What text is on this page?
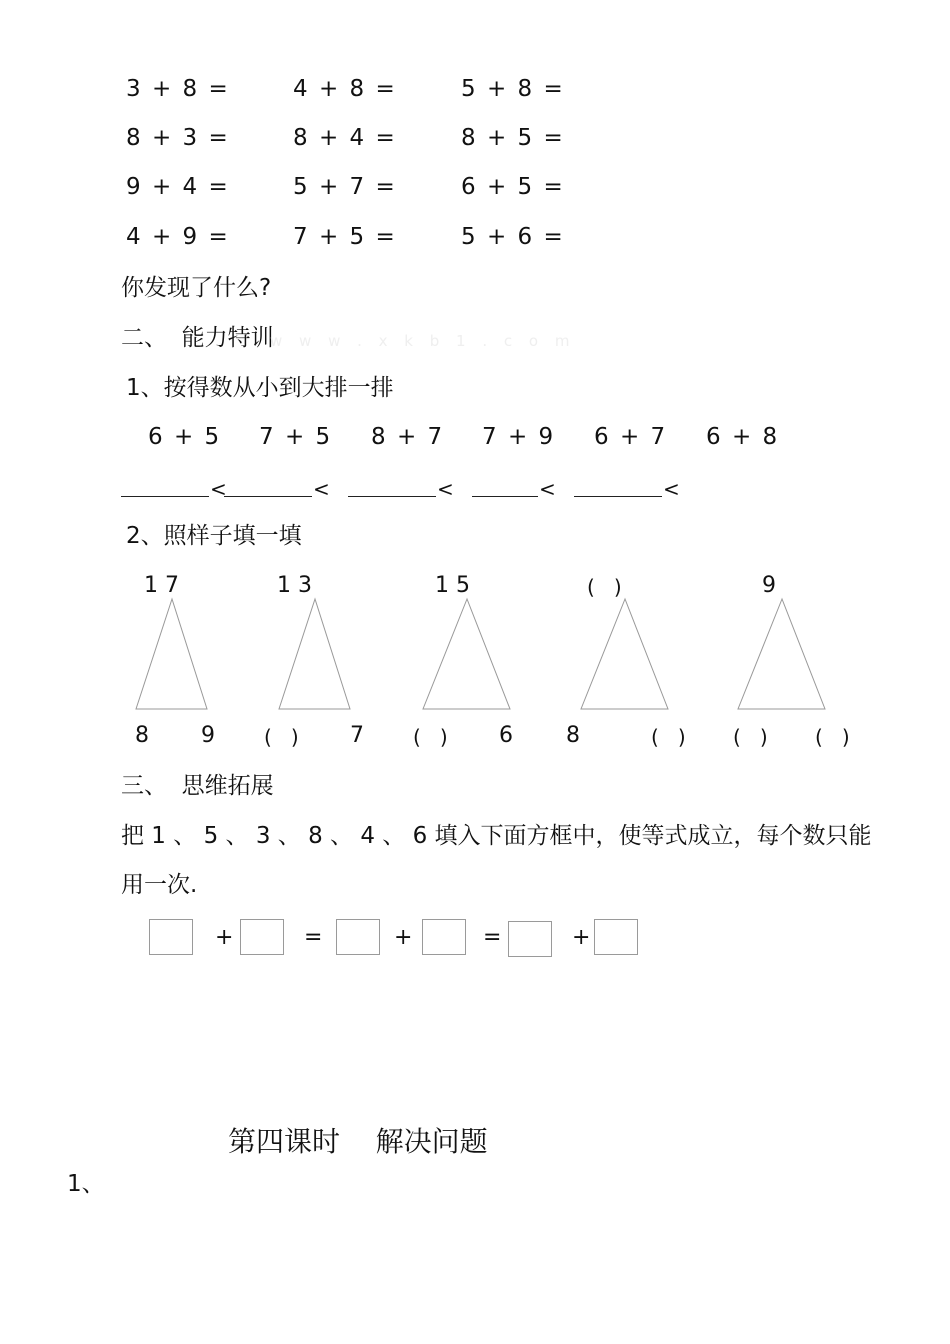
3 + 8 =	4 + 8 =	5 + 8 =
8 + 3 =	8 + 4 =	8 + 5 =
9 + 4 =	5 + 7 =	6 + 5 =
4 + 9 =	7 + 5 =	5 + 6 =
你发现了什么?
二、  能力特训
w w w . x k b 1 . c o m
1、按得数从小到大排一排
6 + 5 7 + 5 8 + 7 7 + 9 6 + 7 6 + 8
<	<	<	<	<
2、照样子填一填
1 7
8 9
1 3
(   ) 7
1 5
(   ) 6
(   )
8	(   )
9
(   ) (   )
三、  思维拓展
把 1 、 5 、 3 、 8 、 4 、 6 填入下面方框中，使等式成立，每个数只能
用一次.
+	=	+	=	+
第四课时    解决问题
1、
